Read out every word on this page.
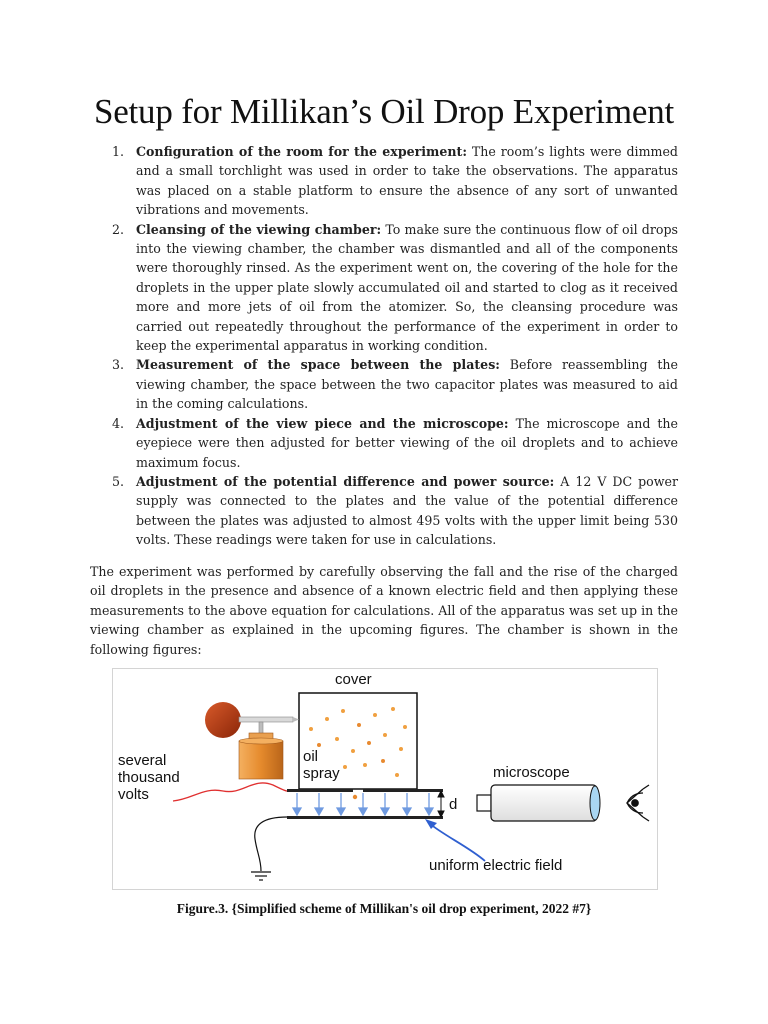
Setup for Millikan’s Oil Drop Experiment
1. Configuration of the room for the experiment: The room’s lights were dimmed and a small torchlight was used in order to take the observations. The apparatus was placed on a stable platform to ensure the absence of any sort of unwanted vibrations and movements.
2. Cleansing of the viewing chamber: To make sure the continuous flow of oil drops into the viewing chamber, the chamber was dismantled and all of the components were thoroughly rinsed. As the experiment went on, the covering of the hole for the droplets in the upper plate slowly accumulated oil and started to clog as it received more and more jets of oil from the atomizer. So, the cleansing procedure was carried out repeatedly throughout the performance of the experiment in order to keep the experimental apparatus in working condition.
3. Measurement of the space between the plates: Before reassembling the viewing chamber, the space between the two capacitor plates was measured to aid in the coming calculations.
4. Adjustment of the view piece and the microscope: The microscope and the eyepiece were then adjusted for better viewing of the oil droplets and to achieve maximum focus.
5. Adjustment of the potential difference and power source: A 12 V DC power supply was connected to the plates and the value of the potential difference between the plates was adjusted to almost 495 volts with the upper limit being 530 volts. These readings were taken for use in calculations.

The experiment was performed by carefully observing the fall and the rise of the charged oil droplets in the presence and absence of a known electric field and then applying these measurements to the above equation for calculations. All of the apparatus was set up in the viewing chamber as explained in the upcoming figures. The chamber is shown in the following figures:

cover
oil
spray
several
thousand
volts
d
uniform electric field
microscope
Figure.3. {Simplified scheme of Millikan's oil drop experiment, 2022 #7}
